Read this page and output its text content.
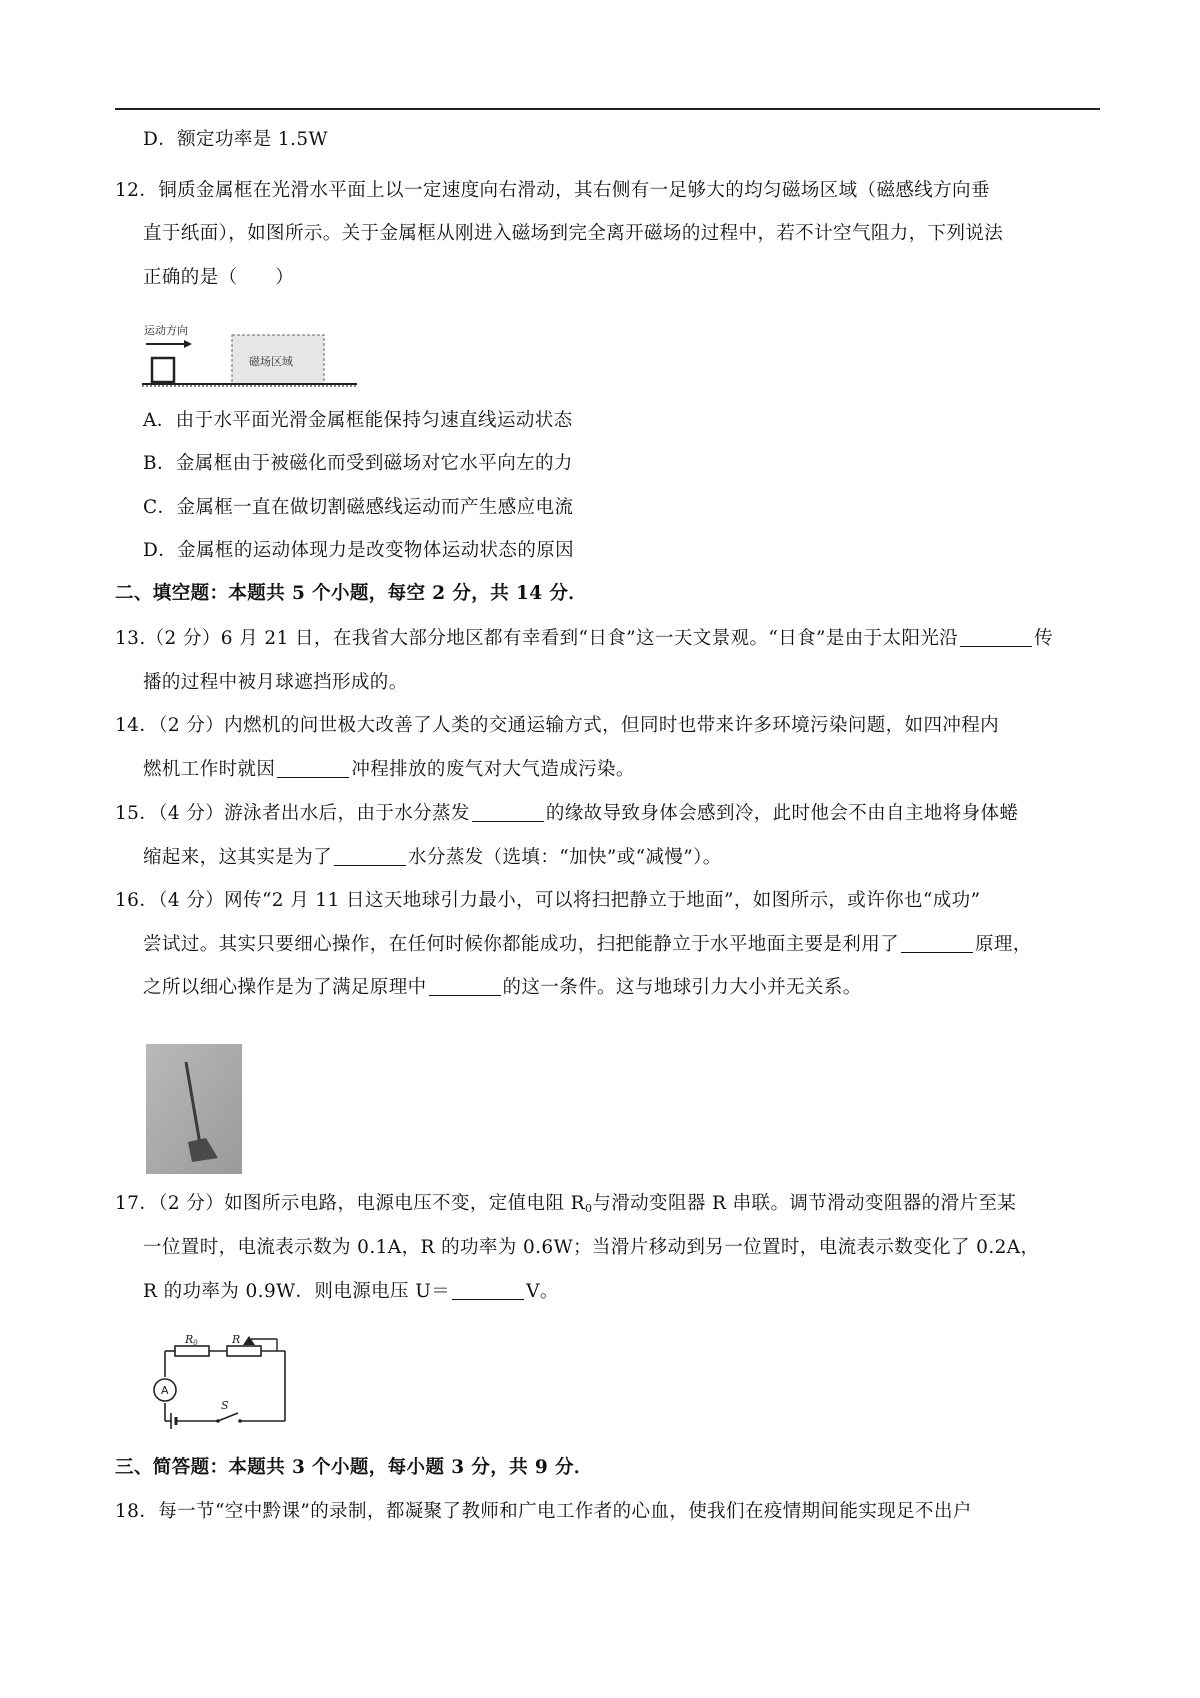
D．额定功率是 1.5W
12．铜质金属框在光滑水平面上以一定速度向右滑动，其右侧有一足够大的均匀磁场区域（磁感线方向垂
直于纸面），如图所示。关于金属框从刚进入磁场到完全离开磁场的过程中，若不计空气阻力，下列说法
正确的是（　　）
运动方向
磁场区域
A．由于水平面光滑金属框能保持匀速直线运动状态
B．金属框由于被磁化而受到磁场对它水平向左的力
C．金属框一直在做切割磁感线运动而产生感应电流
D．金属框的运动体现力是改变物体运动状态的原因
二、填空题：本题共 5 个小题，每空 2 分，共 14 分．
13.（2 分）6 月 21 日，在我省大部分地区都有幸看到“日食”这一天文景观。“日食”是由于太阳光沿	传
播的过程中被月球遮挡形成的。
14．（2 分）内燃机的问世极大改善了人类的交通运输方式，但同时也带来许多环境污染问题，如四冲程内
燃机工作时就因	冲程排放的废气对大气造成污染。
15．（4 分）游泳者出水后，由于水分蒸发	的缘故导致身体会感到冷，此时他会不由自主地将身体蜷
缩起来，这其实是为了	水分蒸发（选填：“加快”或“减慢”）。
16．（4 分）网传“2 月 11 日这天地球引力最小，可以将扫把静立于地面”，如图所示，或许你也“成功”
尝试过。其实只要细心操作，在任何时候你都能成功，扫把能静立于水平地面主要是利用了	原理，
之所以细心操作是为了满足原理中	的这一条件。这与地球引力大小并无关系。
17．（2 分）如图所示电路，电源电压不变，定值电阻 $R_0$与滑动变阻器 R 串联。调节滑动变阻器的滑片至某
一位置时，电流表示数为 0.1A，R 的功率为 0.6W；当滑片移动到另一位置时，电流表示数变化了 0.2A，
R 的功率为 0.9W．则电源电压 U＝	V。
R0	R
A
S
三、简答题：本题共 3 个小题，每小题 3 分，共 9 分．
18．每一节“空中黔课”的录制，都凝聚了教师和广电工作者的心血，使我们在疫情期间能实现足不出户
